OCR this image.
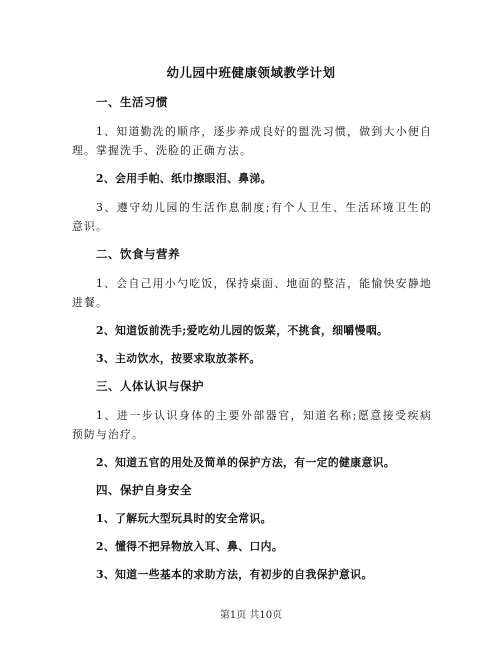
幼儿园中班健康领域教学计划
一、生活习惯
1、知道勤洗的顺序，逐步养成良好的盥洗习惯，做到大小便自理。掌握洗手、洗脸的正确方法。
2、会用手帕、纸巾擦眼泪、鼻涕。
3、遵守幼儿园的生活作息制度;有个人卫生、生活环境卫生的意识。
二、饮食与营养
1、会自己用小勺吃饭，保持桌面、地面的整洁，能愉快安静地进餐。
2、知道饭前洗手;爱吃幼儿园的饭菜，不挑食，细嚼慢咽。
3、主动饮水，按要求取放茶杯。
三、人体认识与保护
1、进一步认识身体的主要外部器官，知道名称;愿意接受疾病预防与治疗。
2、知道五官的用处及简单的保护方法，有一定的健康意识。
四、保护自身安全
1、了解玩大型玩具时的安全常识。
2、懂得不把异物放入耳、鼻、口内。
3、知道一些基本的求助方法，有初步的自我保护意识。
第1页 共10页
